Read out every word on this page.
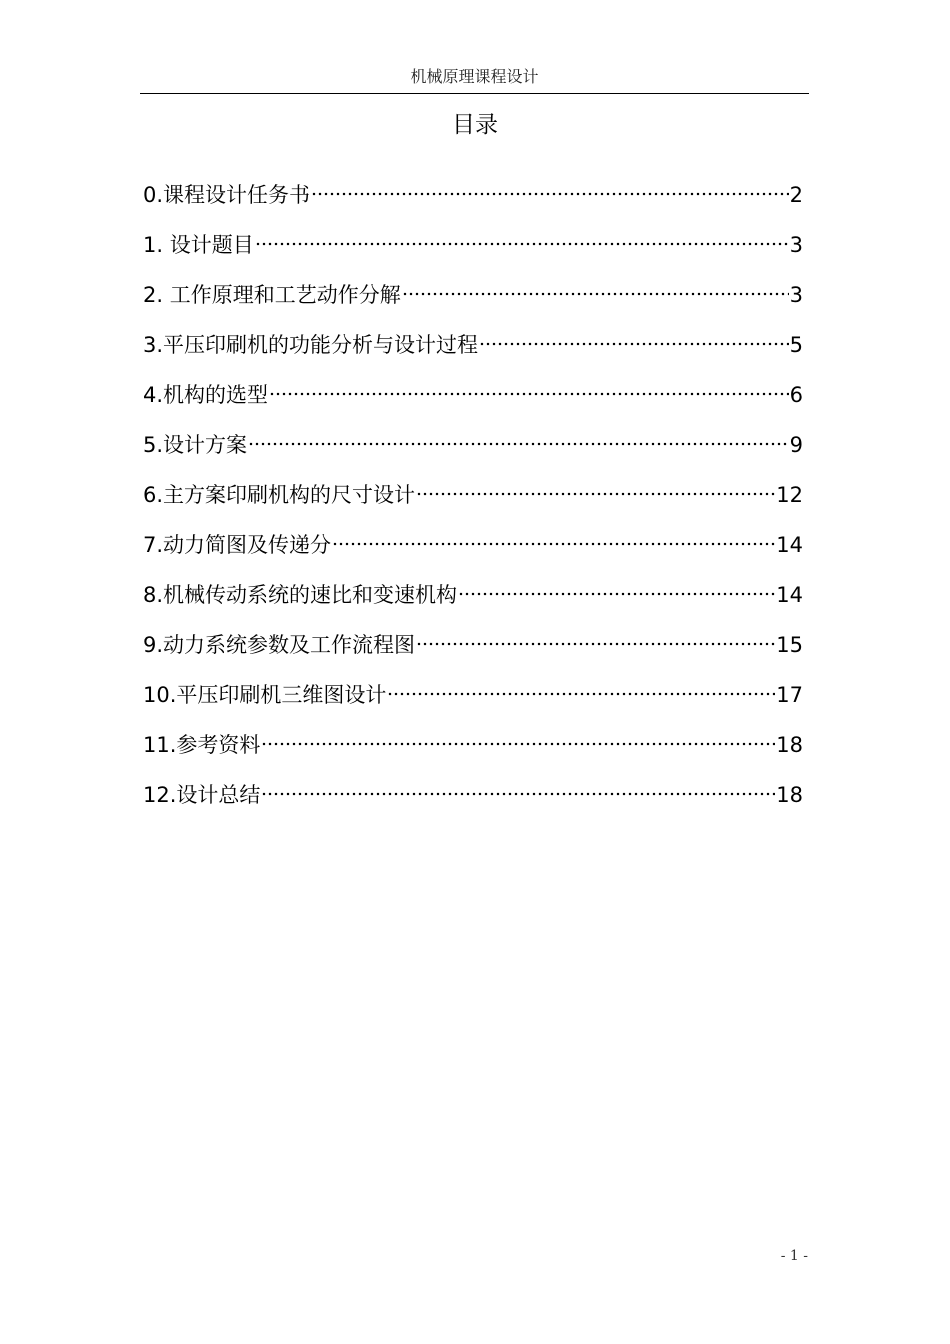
机械原理课程设计
目录
0.课程设计任务书	2
1. 设计题目	3
2. 工作原理和工艺动作分解	3
3.平压印刷机的功能分析与设计过程	5
4.机构的选型	6
5.设计方案	9
6.主方案印刷机构的尺寸设计	12
7.动力简图及传递分	14
8.机械传动系统的速比和变速机构	14
9.动力系统参数及工作流程图	15
10.平压印刷机三维图设计	17
11.参考资料	18
12.设计总结	18
- 1 -
